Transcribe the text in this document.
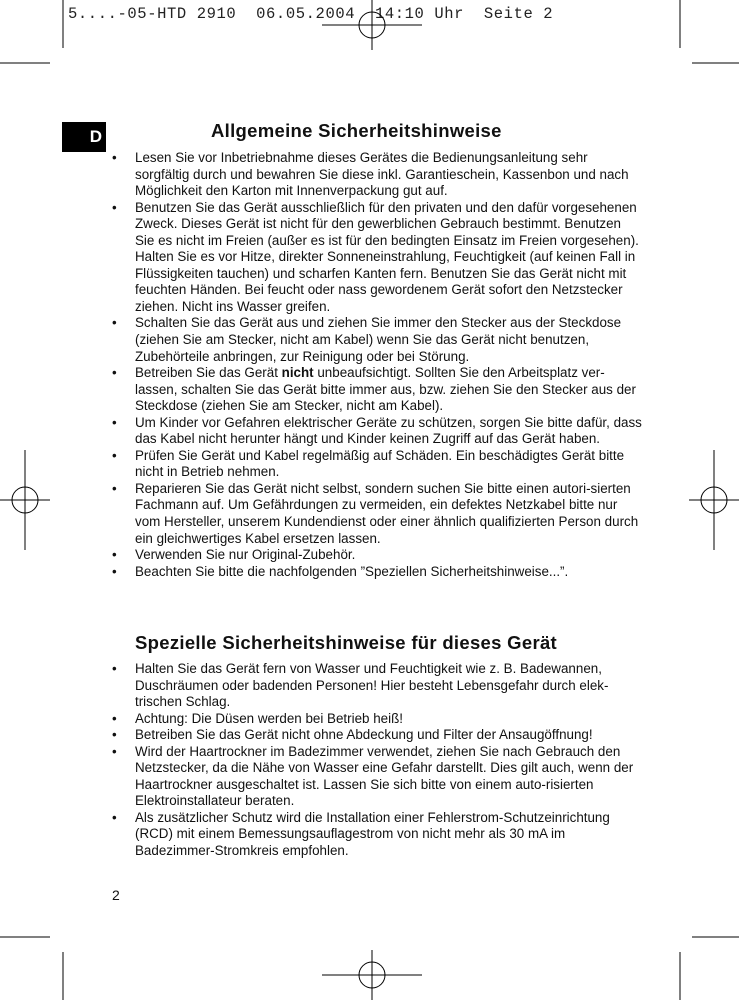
5....-05-HTD 2910  06.05.2004  14:10 Uhr  Seite 2
D	Allgemeine Sicherheitshinweise
• Lesen Sie vor Inbetriebnahme dieses Gerätes die Bedienungsanleitung sehr sorgfältig durch und bewahren Sie diese inkl. Garantieschein, Kassenbon und nach Möglichkeit den Karton mit Innenverpackung gut auf.
• Benutzen Sie das Gerät ausschließlich für den privaten und den dafür vorgesehenen Zweck. Dieses Gerät ist nicht für den gewerblichen Gebrauch bestimmt. Benutzen Sie es nicht im Freien (außer es ist für den bedingten Einsatz im Freien vorgesehen). Halten Sie es vor Hitze, direkter Sonneneinstrahlung, Feuchtigkeit (auf keinen Fall in Flüssigkeiten tauchen) und scharfen Kanten fern. Benutzen Sie das Gerät nicht mit feuchten Händen. Bei feucht oder nass gewordenem Gerät sofort den Netzstecker ziehen. Nicht ins Wasser greifen.
• Schalten Sie das Gerät aus und ziehen Sie immer den Stecker aus der Steckdose (ziehen Sie am Stecker, nicht am Kabel) wenn Sie das Gerät nicht benutzen, Zubehörteile anbringen, zur Reinigung oder bei Störung.
• Betreiben Sie das Gerät nicht unbeaufsichtigt. Sollten Sie den Arbeitsplatz ver-lassen, schalten Sie das Gerät bitte immer aus, bzw. ziehen Sie den Stecker aus der Steckdose (ziehen Sie am Stecker, nicht am Kabel).
• Um Kinder vor Gefahren elektrischer Geräte zu schützen, sorgen Sie bitte dafür, dass das Kabel nicht herunter hängt und Kinder keinen Zugriff auf das Gerät haben.
• Prüfen Sie Gerät und Kabel regelmäßig auf Schäden. Ein beschädigtes Gerät bitte nicht in Betrieb nehmen.
• Reparieren Sie das Gerät nicht selbst, sondern suchen Sie bitte einen autori-sierten Fachmann auf. Um Gefährdungen zu vermeiden, ein defektes Netzkabel bitte nur vom Hersteller, unserem Kundendienst oder einer ähnlich qualifizierten Person durch ein gleichwertiges Kabel ersetzen lassen.
• Verwenden Sie nur Original-Zubehör.
• Beachten Sie bitte die nachfolgenden ”Speziellen Sicherheitshinweise...”.
Spezielle Sicherheitshinweise für dieses Gerät
• Halten Sie das Gerät fern von Wasser und Feuchtigkeit wie z. B. Badewannen, Duschräumen oder badenden Personen! Hier besteht Lebensgefahr durch elek-trischen Schlag.
• Achtung: Die Düsen werden bei Betrieb heiß!
• Betreiben Sie das Gerät nicht ohne Abdeckung und Filter der Ansaugöffnung!
• Wird der Haartrockner im Badezimmer verwendet, ziehen Sie nach Gebrauch den Netzstecker, da die Nähe von Wasser eine Gefahr darstellt. Dies gilt auch, wenn der Haartrockner ausgeschaltet ist. Lassen Sie sich bitte von einem auto-risierten Elektroinstallateur beraten.
• Als zusätzlicher Schutz wird die Installation einer Fehlerstrom-Schutzeinrichtung (RCD) mit einem Bemessungsauflagestrom von nicht mehr als 30 mA im Badezimmer-Stromkreis empfohlen.
2
